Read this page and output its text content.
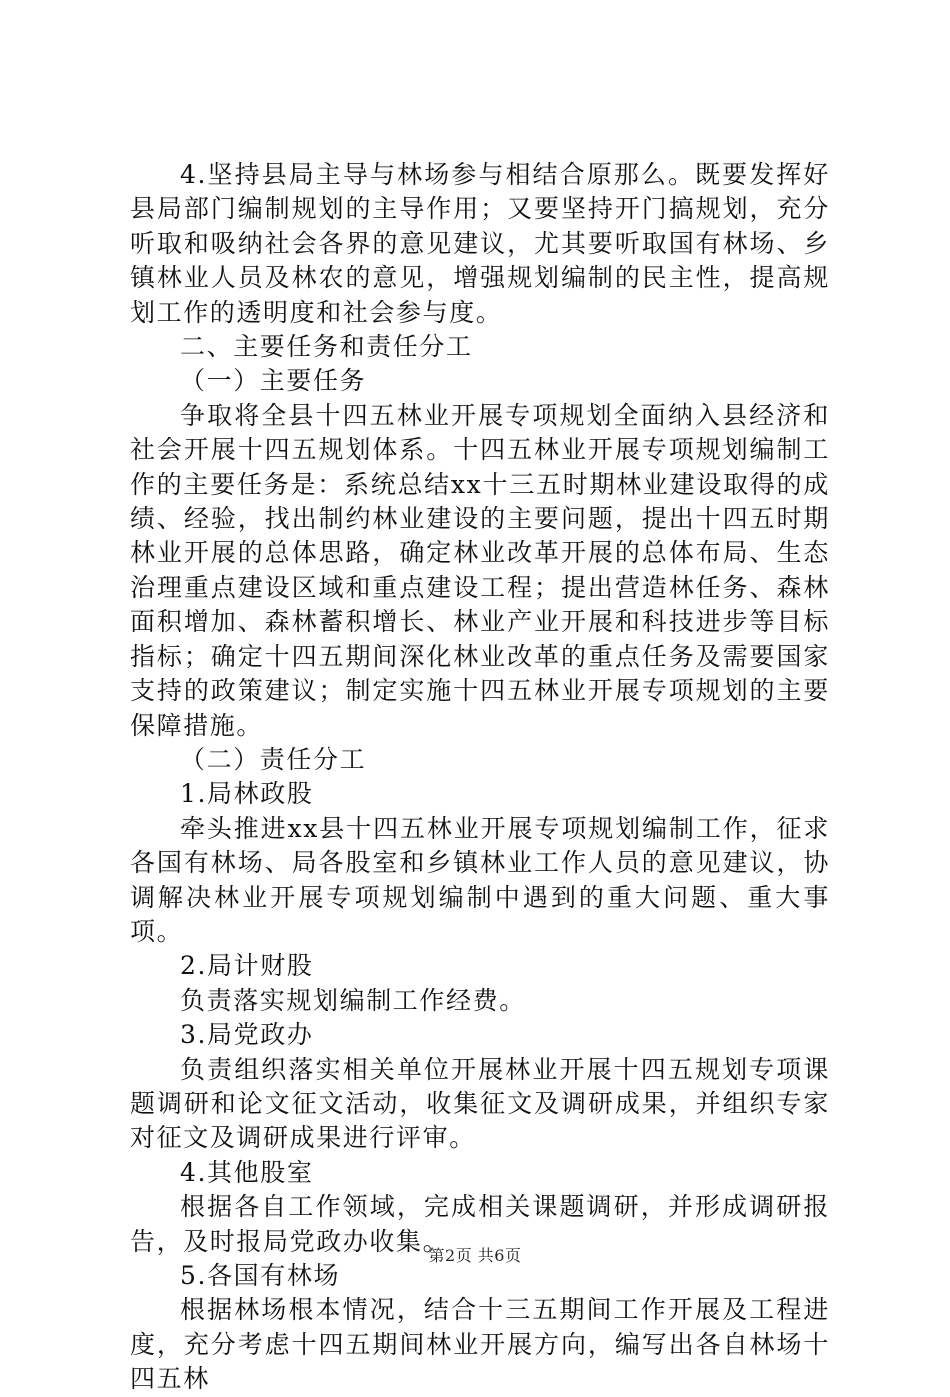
4.坚持县局主导与林场参与相结合原那么。既要发挥好县局部门编制规划的主导作用；又要坚持开门搞规划，充分听取和吸纳社会各界的意见建议，尤其要听取国有林场、乡镇林业人员及林农的意见，增强规划编制的民主性，提高规划工作的透明度和社会参与度。

二、主要任务和责任分工

（一）主要任务

争取将全县十四五林业开展专项规划全面纳入县经济和社会开展十四五规划体系。十四五林业开展专项规划编制工作的主要任务是：系统总结xx十三五时期林业建设取得的成绩、经验，找出制约林业建设的主要问题，提出十四五时期林业开展的总体思路，确定林业改革开展的总体布局、生态治理重点建设区域和重点建设工程；提出营造林任务、森林面积增加、森林蓄积增长、林业产业开展和科技进步等目标指标；确定十四五期间深化林业改革的重点任务及需要国家支持的政策建议；制定实施十四五林业开展专项规划的主要保障措施。

（二）责任分工

1.局林政股

牵头推进xx县十四五林业开展专项规划编制工作，征求各国有林场、局各股室和乡镇林业工作人员的意见建议，协调解决林业开展专项规划编制中遇到的重大问题、重大事项。

2.局计财股

负责落实规划编制工作经费。

3.局党政办

负责组织落实相关单位开展林业开展十四五规划专项课题调研和论文征文活动，收集征文及调研成果，并组织专家对征文及调研成果进行评审。

4.其他股室

根据各自工作领域，完成相关课题调研，并形成调研报告，及时报局党政办收集。

5.各国有林场

根据林场根本情况，结合十三五期间工作开展及工程进度，充分考虑十四五期间林业开展方向，编写出各自林场十四五林

第2页 共6页
